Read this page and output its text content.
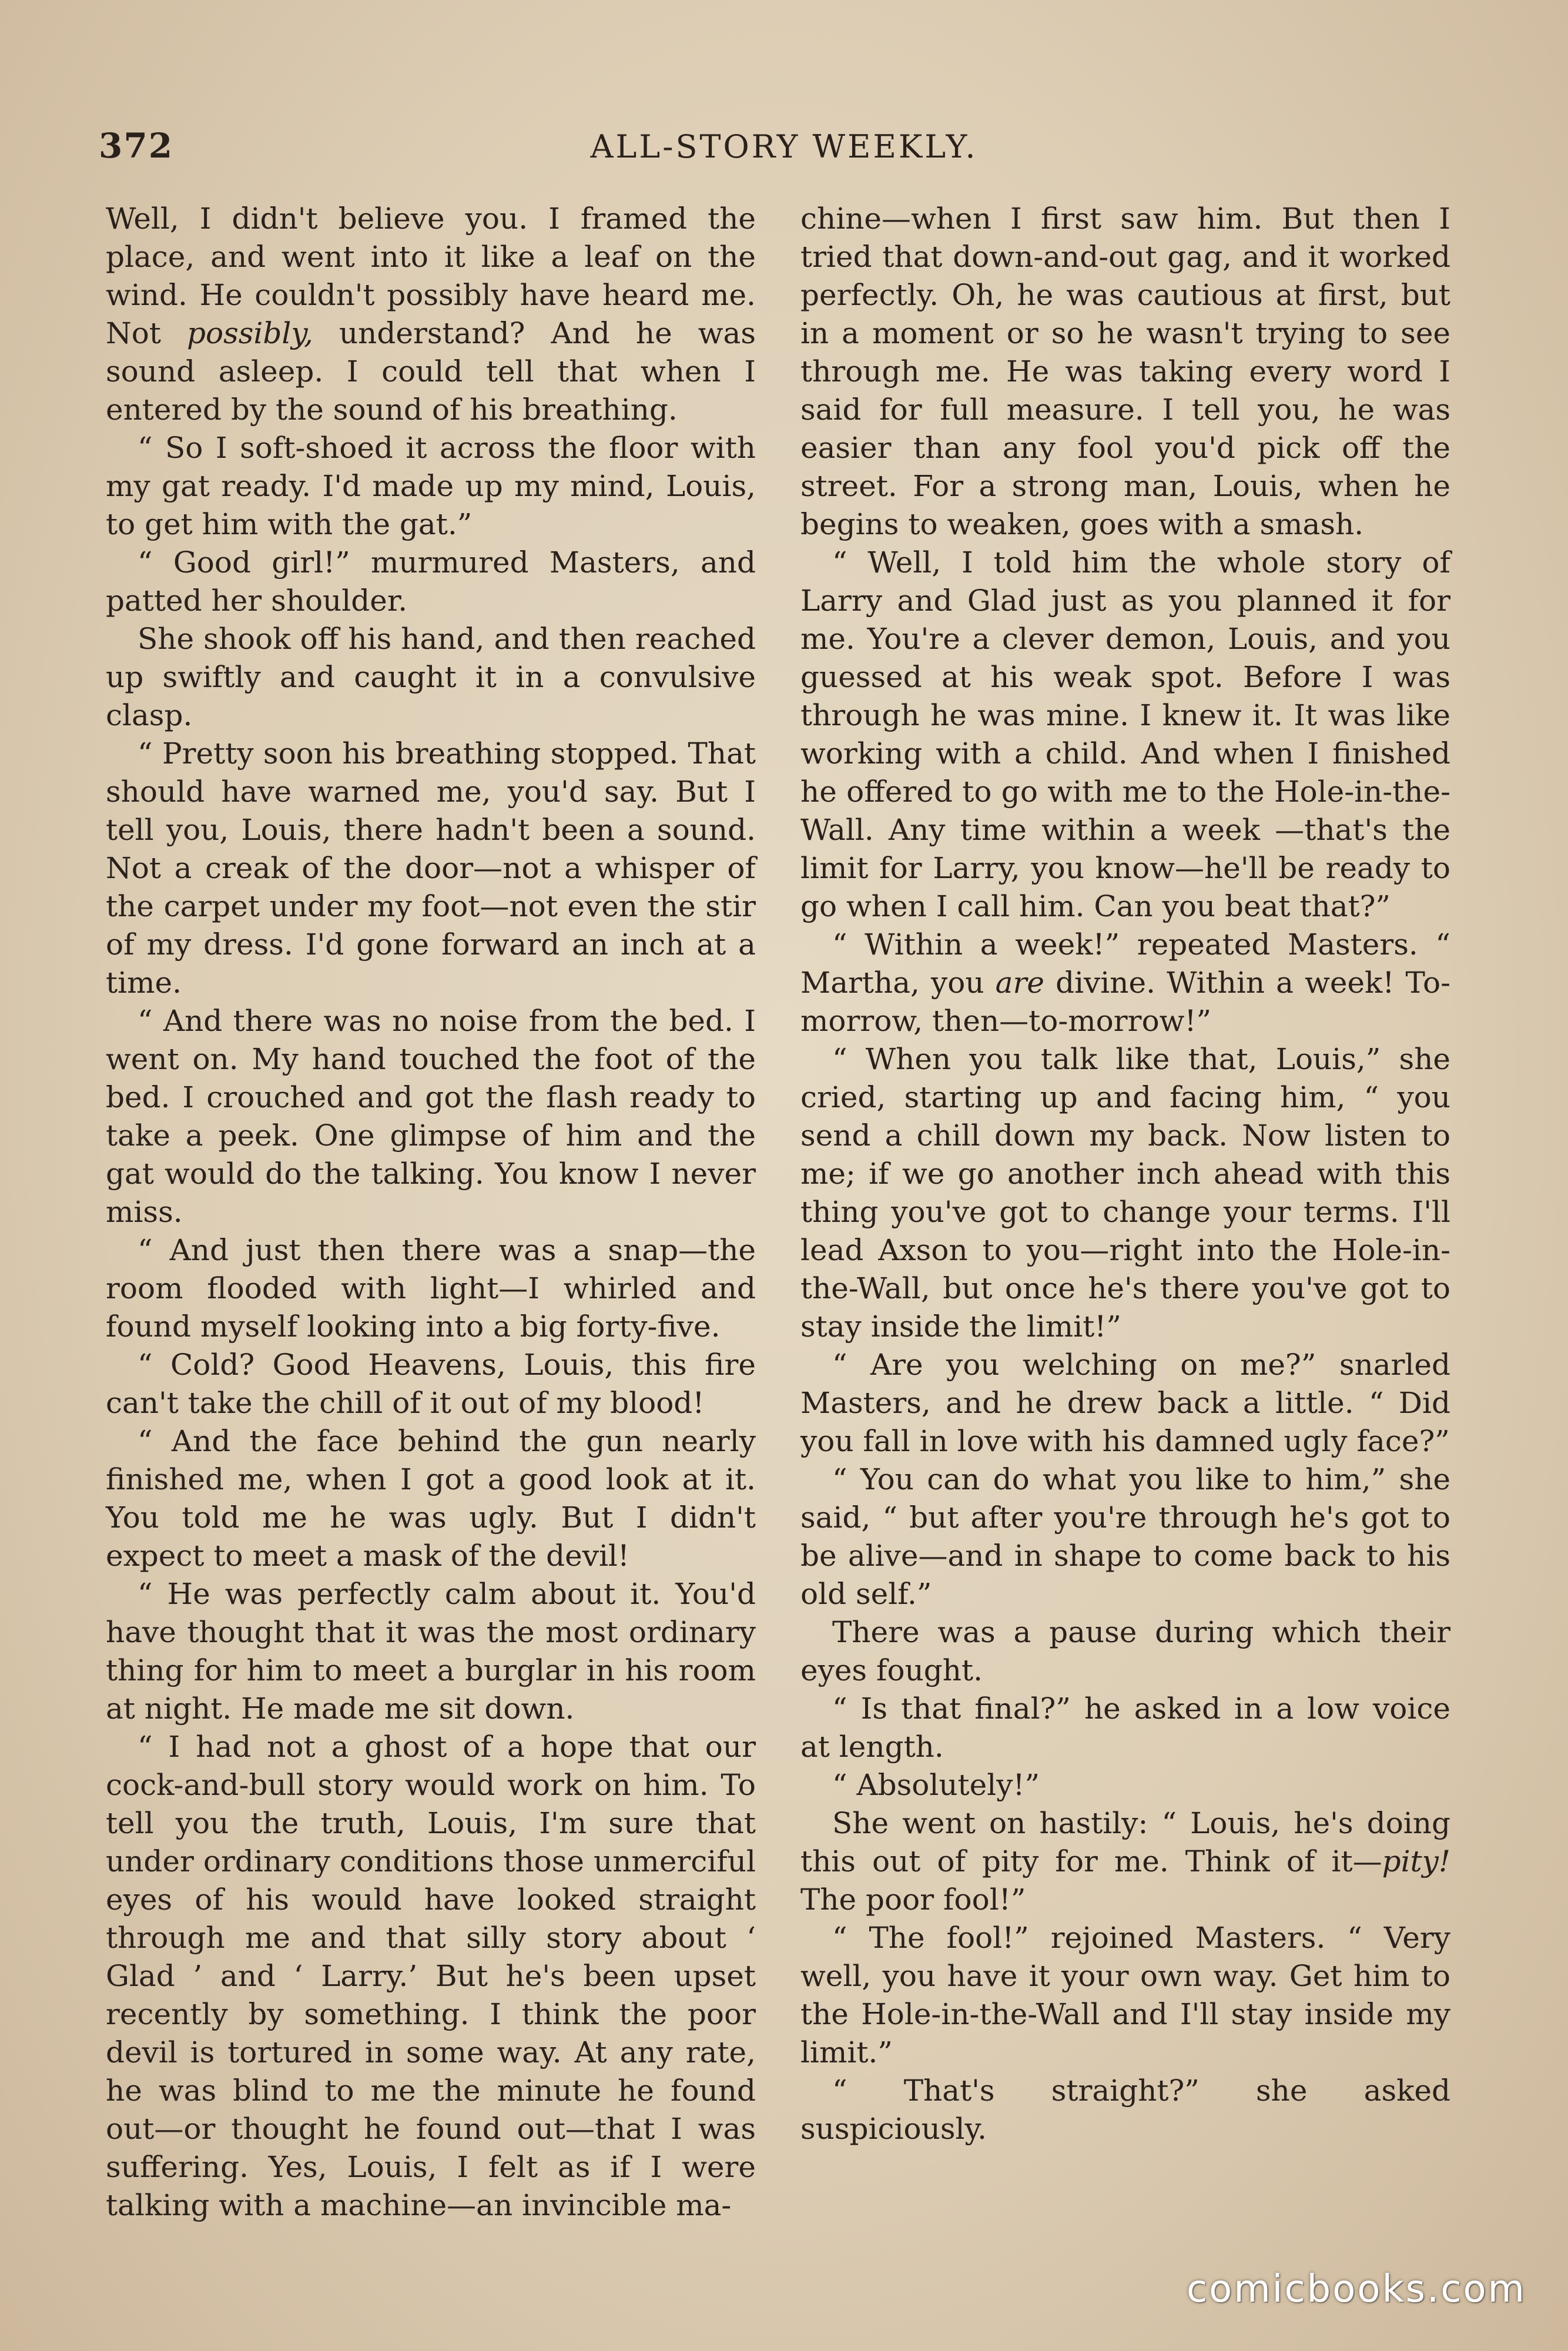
372	ALL-STORY WEEKLY.

Well, I didn't believe you. I framed the place, and went into it like a leaf on the wind. He couldn't possibly have heard me. Not possibly, understand? And he was sound asleep. I could tell that when I entered by the sound of his breathing.

“ So I soft-shoed it across the floor with my gat ready. I'd made up my mind, Louis, to get him with the gat.”

“ Good girl!” murmured Masters, and patted her shoulder.

She shook off his hand, and then reached up swiftly and caught it in a convulsive clasp.

“ Pretty soon his breathing stopped. That should have warned me, you'd say. But I tell you, Louis, there hadn't been a sound. Not a creak of the door—not a whisper of the carpet under my foot—not even the stir of my dress. I'd gone forward an inch at a time.

“ And there was no noise from the bed. I went on. My hand touched the foot of the bed. I crouched and got the flash ready to take a peek. One glimpse of him and the gat would do the talking. You know I never miss.

“ And just then there was a snap—the room flooded with light—I whirled and found myself looking into a big forty-five.

“ Cold? Good Heavens, Louis, this fire can't take the chill of it out of my blood!

“ And the face behind the gun nearly finished me, when I got a good look at it. You told me he was ugly. But I didn't expect to meet a mask of the devil!

“ He was perfectly calm about it. You'd have thought that it was the most ordinary thing for him to meet a burglar in his room at night. He made me sit down.

“ I had not a ghost of a hope that our cock-and-bull story would work on him. To tell you the truth, Louis, I'm sure that under ordinary conditions those unmerciful eyes of his would have looked straight through me and that silly story about ‘ Glad ’ and ‘ Larry.’ But he's been upset recently by something. I think the poor devil is tortured in some way. At any rate, he was blind to me the minute he found out—or thought he found out—that I was suffering. Yes, Louis, I felt as if I were talking with a machine—an invincible ma-

chine—when I first saw him. But then I tried that down-and-out gag, and it worked perfectly. Oh, he was cautious at first, but in a moment or so he wasn't trying to see through me. He was taking every word I said for full measure. I tell you, he was easier than any fool you'd pick off the street. For a strong man, Louis, when he begins to weaken, goes with a smash.

“ Well, I told him the whole story of Larry and Glad just as you planned it for me. You're a clever demon, Louis, and you guessed at his weak spot. Before I was through he was mine. I knew it. It was like working with a child. And when I finished he offered to go with me to the Hole-in-the-Wall. Any time within a week —that's the limit for Larry, you know—he'll be ready to go when I call him. Can you beat that?”

“ Within a week!” repeated Masters. “ Martha, you are divine. Within a week! To-morrow, then—to-morrow!”

“ When you talk like that, Louis,” she cried, starting up and facing him, “ you send a chill down my back. Now listen to me; if we go another inch ahead with this thing you've got to change your terms. I'll lead Axson to you—right into the Hole-in-the-Wall, but once he's there you've got to stay inside the limit!”

“ Are you welching on me?” snarled Masters, and he drew back a little. “ Did you fall in love with his damned ugly face?”

“ You can do what you like to him,” she said, “ but after you're through he's got to be alive—and in shape to come back to his old self.”

There was a pause during which their eyes fought.

“ Is that final?” he asked in a low voice at length.

“ Absolutely!”

She went on hastily: “ Louis, he's doing this out of pity for me. Think of it—pity! The poor fool!”

“ The fool!” rejoined Masters. “ Very well, you have it your own way. Get him to the Hole-in-the-Wall and I'll stay inside my limit.”

“ That's straight?” she asked suspiciously.

comicbooks.com
